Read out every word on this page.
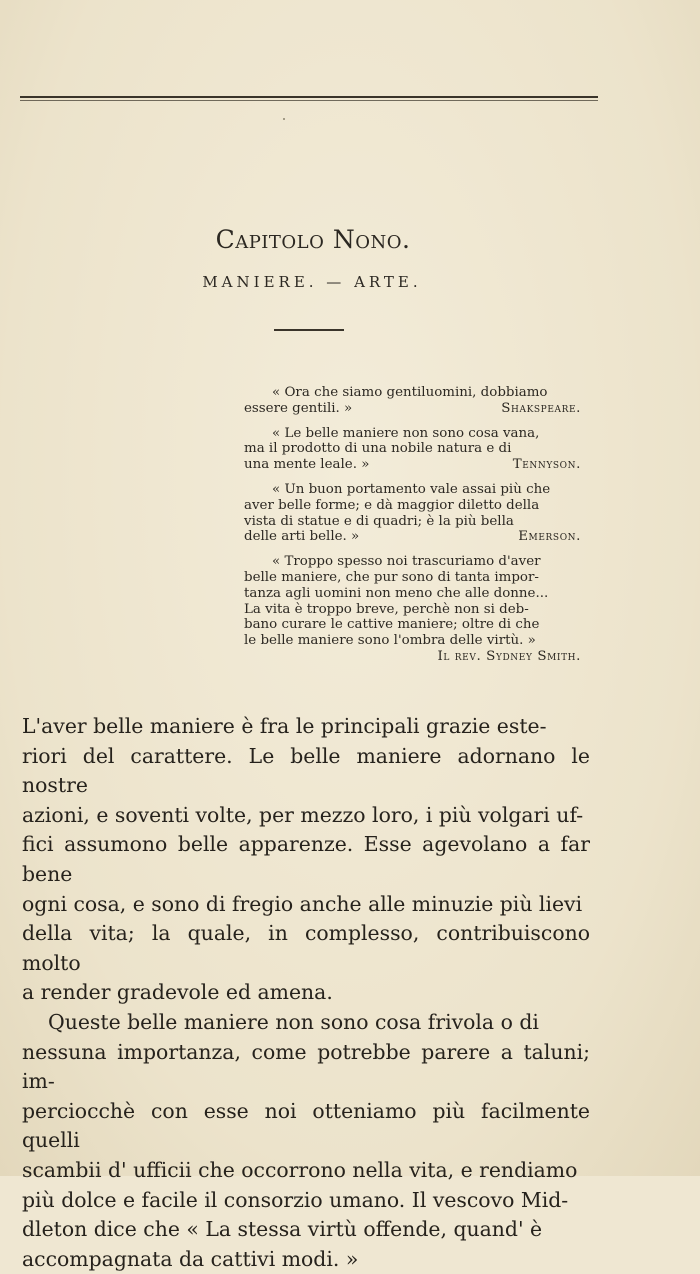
Capitolo Nono.
MANIERE. — ARTE.
« Ora che siamo gentiluomini, dobbiamo
essere gentili. »	Shakspeare.
« Le belle maniere non sono cosa vana,
ma il prodotto di una nobile natura e di
una mente leale. »	Tennyson.
« Un buon portamento vale assai più che
aver belle forme; e dà maggior diletto della
vista di statue e di quadri; è la più bella
delle arti belle. »	Emerson.
« Troppo spesso noi trascuriamo d'aver
belle maniere, che pur sono di tanta impor-
tanza agli uomini non meno che alle donne...
La vita è troppo breve, perchè non si deb-
bano curare le cattive maniere; oltre di che
le belle maniere sono l'ombra delle virtù. »
Il rev. Sydney Smith.
L'aver belle maniere è fra le principali grazie este-
riori del carattere. Le belle maniere adornano le nostre
azioni, e soventi volte, per mezzo loro, i più volgari uf-
fici assumono belle apparenze. Esse agevolano a far bene
ogni cosa, e sono di fregio anche alle minuzie più lievi
della vita; la quale, in complesso, contribuiscono molto
a render gradevole ed amena.
Queste belle maniere non sono cosa frivola o di
nessuna importanza, come potrebbe parere a taluni; im-
perciocchè con esse noi otteniamo più facilmente quelli
scambii d' ufficii che occorrono nella vita, e rendiamo
più dolce e facile il consorzio umano. Il vescovo Mid-
dleton dice che « La stessa virtù offende, quand' è
accompagnata da cattivi modi. »
